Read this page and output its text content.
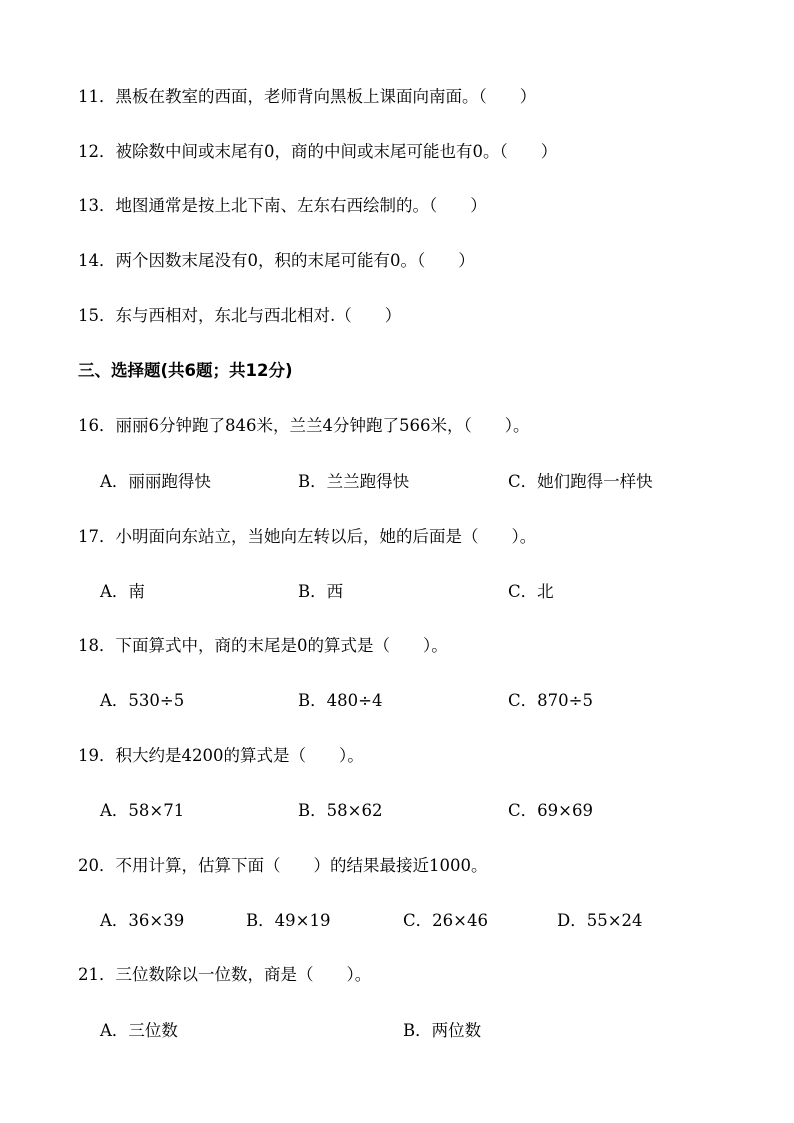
11．黑板在教室的西面，老师背向黑板上课面向南面。（　　）
12．被除数中间或末尾有0，商的中间或末尾可能也有0。（　　）
13．地图通常是按上北下南、左东右西绘制的。（　　）
14．两个因数末尾没有0，积的末尾可能有0。（　　）
15．东与西相对，东北与西北相对.（　　）
三、选择题(共6题；共12分)
16．丽丽6分钟跑了846米，兰兰4分钟跑了566米，（　　）。
A．丽丽跑得快	B．兰兰跑得快	C．她们跑得一样快
17．小明面向东站立，当她向左转以后，她的后面是（　　）。
A．南	B．西	C．北
18．下面算式中，商的末尾是0的算式是（　　）。
A．530÷5	B．480÷4	C．870÷5
19．积大约是4200的算式是（　　）。
A．58×71	B．58×62	C．69×69
20．不用计算，估算下面（　　）的结果最接近1000。
A．36×39	B．49×19	C．26×46	D．55×24
21．三位数除以一位数，商是（　　）。
A．三位数	B．两位数
